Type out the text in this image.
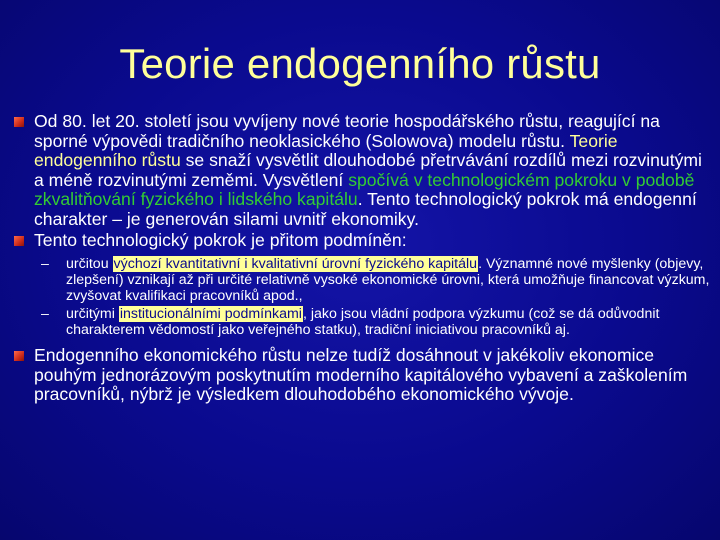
Teorie endogenního růstu
Od 80. let 20. století jsou vyvíjeny nové teorie hospodářského růstu, reagující na sporné výpovědi tradičního neoklasického (Solowova) modelu růstu. Teorie endogenního růstu se snaží vysvětlit dlouhodobé přetrvávání rozdílů mezi rozvinutými a méně rozvinutými zeměmi. Vysvětlení spočívá v technologickém pokroku v podobě zkvalitňování fyzického i lidského kapitálu. Tento technologický pokrok má endogenní charakter – je generován silami uvnitř ekonomiky.
Tento technologický pokrok je přitom podmíněn:
– určitou výchozí kvantitativní i kvalitativní úrovní fyzického kapitálu. Významné nové myšlenky (objevy, zlepšení) vznikají až při určité relativně vysoké ekonomické úrovni, která umožňuje financovat výzkum, zvyšovat kvalifikaci pracovníků apod.,
– určitými institucionálními podmínkami, jako jsou vládní podpora výzkumu (což se dá odůvodnit charakterem vědomostí jako veřejného statku), tradiční iniciativou pracovníků aj.
Endogenního ekonomického růstu nelze tudíž dosáhnout v jakékoliv ekonomice pouhým jednorázovým poskytnutím moderního kapitálového vybavení a zaškolením pracovníků, nýbrž je výsledkem dlouhodobého ekonomického vývoje.
